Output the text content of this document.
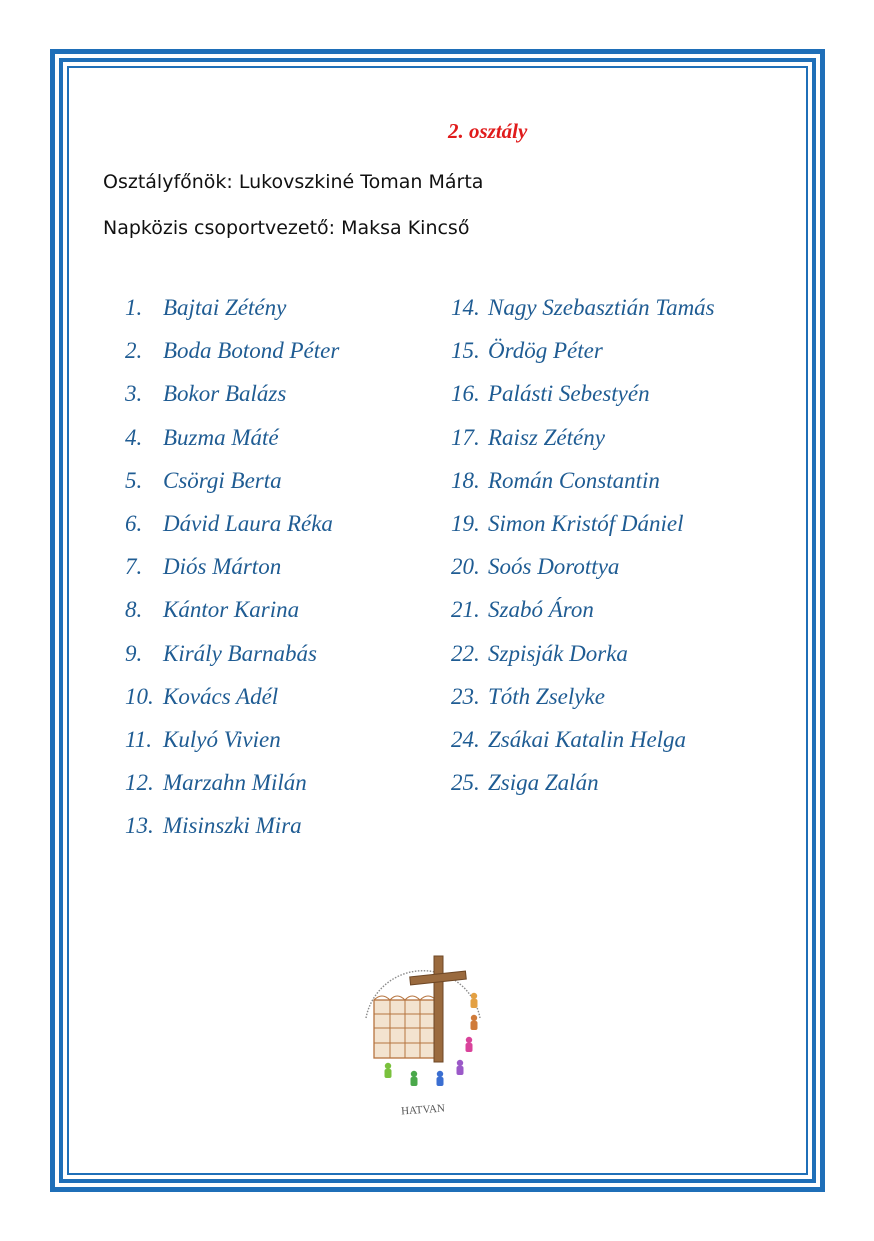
2. osztály
Osztályfőnök: Lukovszkiné Toman Márta
Napközis csoportvezető: Maksa Kincső
1. Bajtai Zétény
2. Boda Botond Péter
3. Bokor Balázs
4. Buzma Máté
5. Csörgi Berta
6. Dávid Laura Réka
7. Diós Márton
8. Kántor Karina
9. Király Barnabás
10. Kovács Adél
11. Kulyó Vivien
12. Marzahn Milán
13. Misinszki Mira
14. Nagy Szebasztián Tamás
15. Ördög Péter
16. Palásti Sebestyén
17. Raisz Zétény
18. Román Constantin
19. Simon Kristóf Dániel
20. Soós Dorottya
21. Szabó Áron
22. Szpisják Dorka
23. Tóth Zselyke
24. Zsákai Katalin Helga
25. Zsiga Zalán
HATVAN
